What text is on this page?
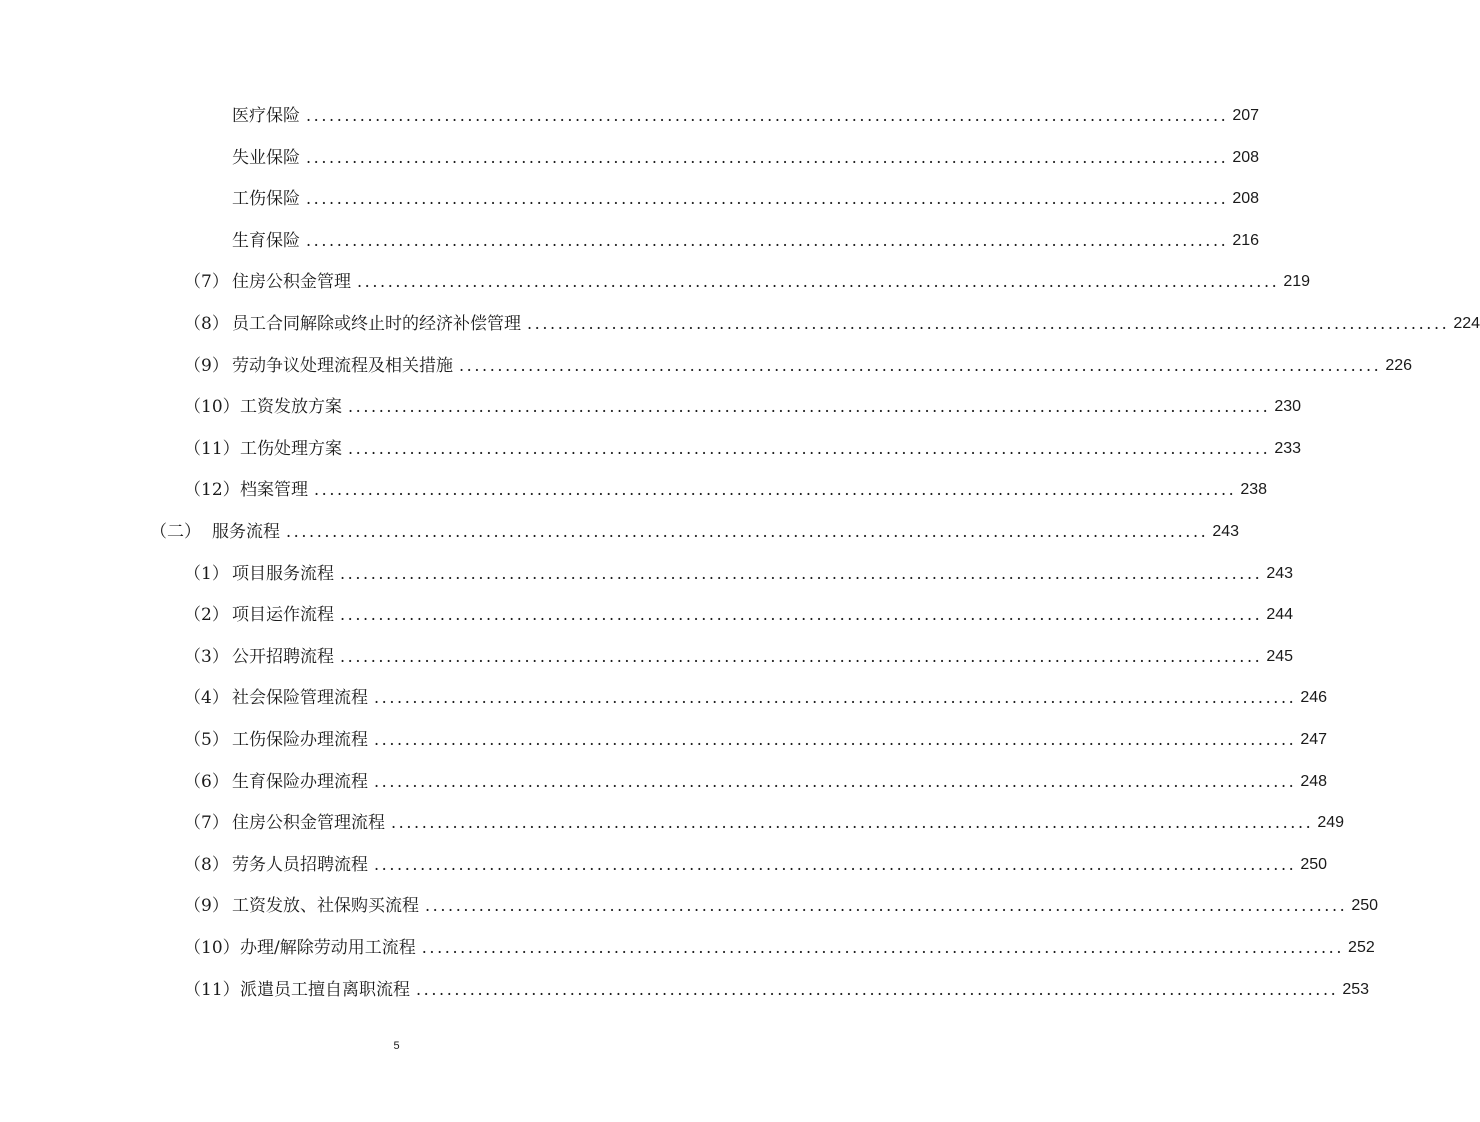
医疗保险 ........................................................................................................................ 207
失业保险 ........................................................................................................................ 208
工伤保险 ........................................................................................................................ 208
生育保险 ........................................................................................................................ 216
（7） 住房公积金管理 ........................................................................................................................ 219
（8） 员工合同解除或终止时的经济补偿管理 ........................................................................................................................ 224
（9） 劳动争议处理流程及相关措施 ........................................................................................................................ 226
（10） 工资发放方案 ........................................................................................................................ 230
（11） 工伤处理方案 ........................................................................................................................ 233
（12） 档案管理 ........................................................................................................................ 238
（二） 服务流程 ........................................................................................................................ 243
（1） 项目服务流程 ........................................................................................................................ 243
（2） 项目运作流程 ........................................................................................................................ 244
（3） 公开招聘流程 ........................................................................................................................ 245
（4） 社会保险管理流程 ........................................................................................................................ 246
（5） 工伤保险办理流程 ........................................................................................................................ 247
（6） 生育保险办理流程 ........................................................................................................................ 248
（7） 住房公积金管理流程 ........................................................................................................................ 249
（8） 劳务人员招聘流程 ........................................................................................................................ 250
（9） 工资发放、社保购买流程 ........................................................................................................................ 250
（10） 办理/解除劳动用工流程 ........................................................................................................................ 252
（11） 派遣员工擅自离职流程 ........................................................................................................................ 253
5
